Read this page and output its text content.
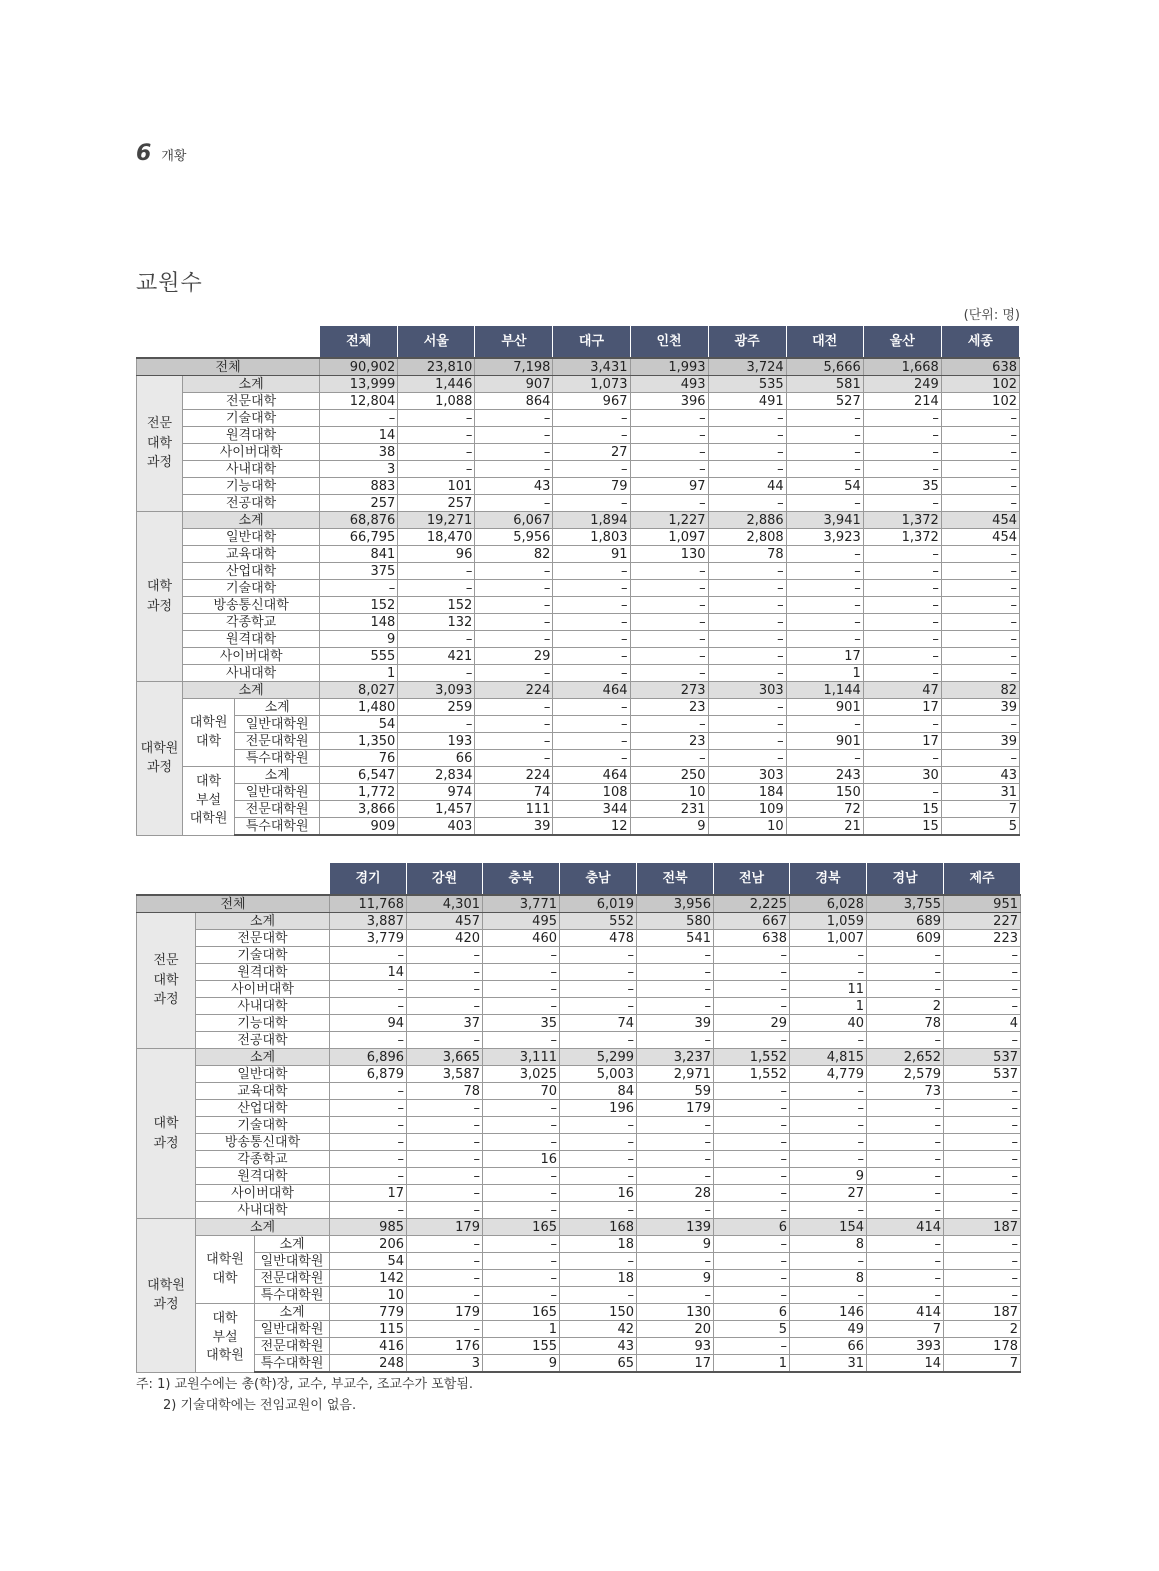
6 개황
교원수
(단위: 명)
			전체	서울	부산	대구	인천	광주	대전	울산	세종
전체			90,902	23,810	7,198	3,431	1,993	3,724	5,666	1,668	638
전문
대학
과정	소계		13,999	1,446	907	1,073	493	535	581	249	102
	전문대학		12,804	1,088	864	967	396	491	527	214	102
	기술대학		–	–	–	–	–	–	–	–	–
	원격대학		14	–	–	–	–	–	–	–	–
	사이버대학		38	–	–	27	–	–	–	–	–
	사내대학		3	–	–	–	–	–	–	–	–
	기능대학		883	101	43	79	97	44	54	35	–
	전공대학		257	257	–	–	–	–	–	–	–
대학
과정	소계		68,876	19,271	6,067	1,894	1,227	2,886	3,941	1,372	454
	일반대학		66,795	18,470	5,956	1,803	1,097	2,808	3,923	1,372	454
	교육대학		841	96	82	91	130	78	–	–	–
	산업대학		375	–	–	–	–	–	–	–	–
	기술대학		–	–	–	–	–	–	–	–	–
	방송통신대학		152	152	–	–	–	–	–	–	–
	각종학교		148	132	–	–	–	–	–	–	–
	원격대학		9	–	–	–	–	–	–	–	–
	사이버대학		555	421	29	–	–	–	17	–	–
	사내대학		1	–	–	–	–	–	1	–	–
대학원
과정	소계		8,027	3,093	224	464	273	303	1,144	47	82
	대학원
대학	소계	1,480	259	–	–	23	–	901	17	39
		일반대학원	54	–	–	–	–	–	–	–	–
		전문대학원	1,350	193	–	–	23	–	901	17	39
		특수대학원	76	66	–	–	–	–	–	–	–
	대학
부설
대학원	소계	6,547	2,834	224	464	250	303	243	30	43
		일반대학원	1,772	974	74	108	10	184	150	–	31
		전문대학원	3,866	1,457	111	344	231	109	72	15	7
		특수대학원	909	403	39	12	9	10	21	15	5
			경기	강원	충북	충남	전북	전남	경북	경남	제주
전체			11,768	4,301	3,771	6,019	3,956	2,225	6,028	3,755	951
전문
대학
과정	소계		3,887	457	495	552	580	667	1,059	689	227
	전문대학		3,779	420	460	478	541	638	1,007	609	223
	기술대학		–	–	–	–	–	–	–	–	–
	원격대학		14	–	–	–	–	–	–	–	–
	사이버대학		–	–	–	–	–	–	11	–	–
	사내대학		–	–	–	–	–	–	1	2	–
	기능대학		94	37	35	74	39	29	40	78	4
	전공대학		–	–	–	–	–	–	–	–	–
대학
과정	소계		6,896	3,665	3,111	5,299	3,237	1,552	4,815	2,652	537
	일반대학		6,879	3,587	3,025	5,003	2,971	1,552	4,779	2,579	537
	교육대학		–	78	70	84	59	–	–	73	–
	산업대학		–	–	–	196	179	–	–	–	–
	기술대학		–	–	–	–	–	–	–	–	–
	방송통신대학		–	–	–	–	–	–	–	–	–
	각종학교		–	–	16	–	–	–	–	–	–
	원격대학		–	–	–	–	–	–	9	–	–
	사이버대학		17	–	–	16	28	–	27	–	–
	사내대학		–	–	–	–	–	–	–	–	–
대학원
과정	소계		985	179	165	168	139	6	154	414	187
	대학원
대학	소계	206	–	–	18	9	–	8	–	–
		일반대학원	54	–	–	–	–	–	–	–	–
		전문대학원	142	–	–	18	9	–	8	–	–
		특수대학원	10	–	–	–	–	–	–	–	–
	대학
부설
대학원	소계	779	179	165	150	130	6	146	414	187
		일반대학원	115	–	1	42	20	5	49	7	2
		전문대학원	416	176	155	43	93	–	66	393	178
		특수대학원	248	3	9	65	17	1	31	14	7
주: 1) 교원수에는 총(학)장, 교수, 부교수, 조교수가 포함됨.
2) 기술대학에는 전임교원이 없음.
